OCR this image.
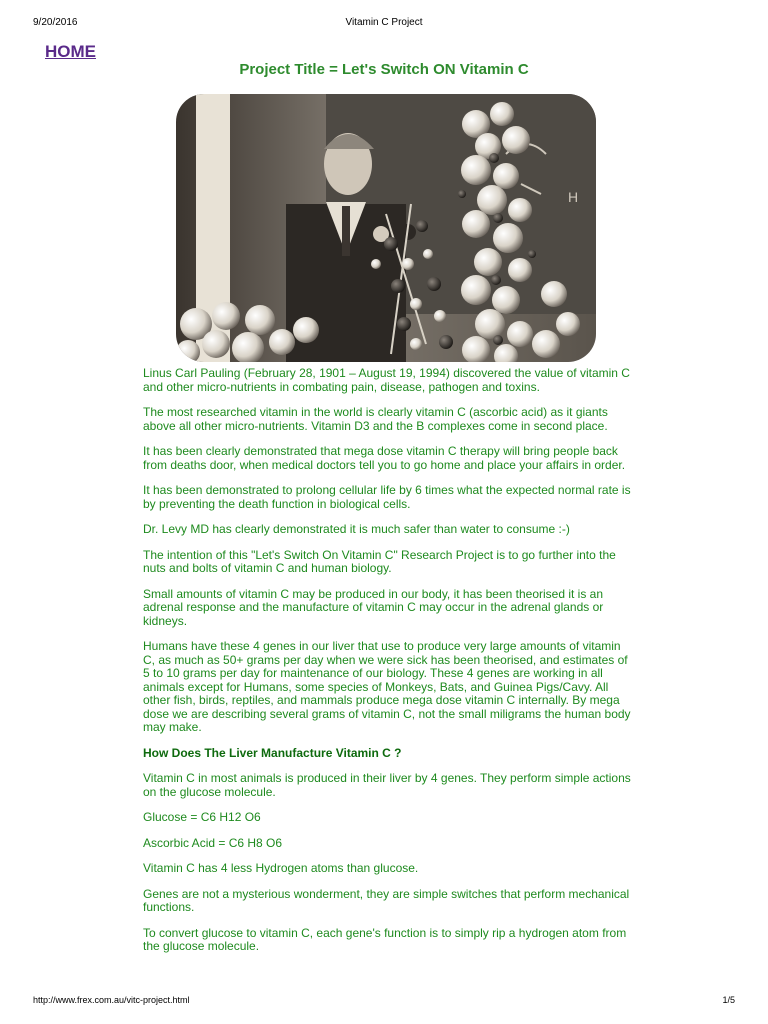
9/20/2016	Vitamin C Project
HOME
Project Title = Let's Switch ON Vitamin C
H

Linus Carl Pauling (February 28, 1901 – August 19, 1994) discovered the value of vitamin C and other micro-nutrients in combating pain, disease, pathogen and toxins.

The most researched vitamin in the world is clearly vitamin C (ascorbic acid) as it giants above all other micro-nutrients. Vitamin D3 and the B complexes come in second place.

It has been clearly demonstrated that mega dose vitamin C therapy will bring people back from deaths door, when medical doctors tell you to go home and place your affairs in order.

It has been demonstrated to prolong cellular life by 6 times what the expected normal rate is by preventing the death function in biological cells.

Dr. Levy MD has clearly demonstrated it is much safer than water to consume :-)

The intention of this "Let's Switch On Vitamin C" Research Project is to go further into the nuts and bolts of vitamin C and human biology.

Small amounts of vitamin C may be produced in our body, it has been theorised it is an adrenal response and the manufacture of vitamin C may occur in the adrenal glands or kidneys.

Humans have these 4 genes in our liver that use to produce very large amounts of vitamin C, as much as 50+ grams per day when we were sick has been theorised, and estimates of 5 to 10 grams per day for maintenance of our biology. These 4 genes are working in all animals except for Humans, some species of Monkeys, Bats, and Guinea Pigs/Cavy. All other fish, birds, reptiles, and mammals produce mega dose vitamin C internally. By mega dose we are describing several grams of vitamin C, not the small miligrams the human body may make.

How Does The Liver Manufacture Vitamin C ?

Vitamin C in most animals is produced in their liver by 4 genes. They perform simple actions on the glucose molecule.

Glucose = C6 H12 O6

Ascorbic Acid = C6 H8 O6

Vitamin C has 4 less Hydrogen atoms than glucose.

Genes are not a mysterious wonderment, they are simple switches that perform mechanical functions.

To convert glucose to vitamin C, each gene's function is to simply rip a hydrogen atom from the glucose molecule.

http://www.frex.com.au/vitc-project.html	1/5
